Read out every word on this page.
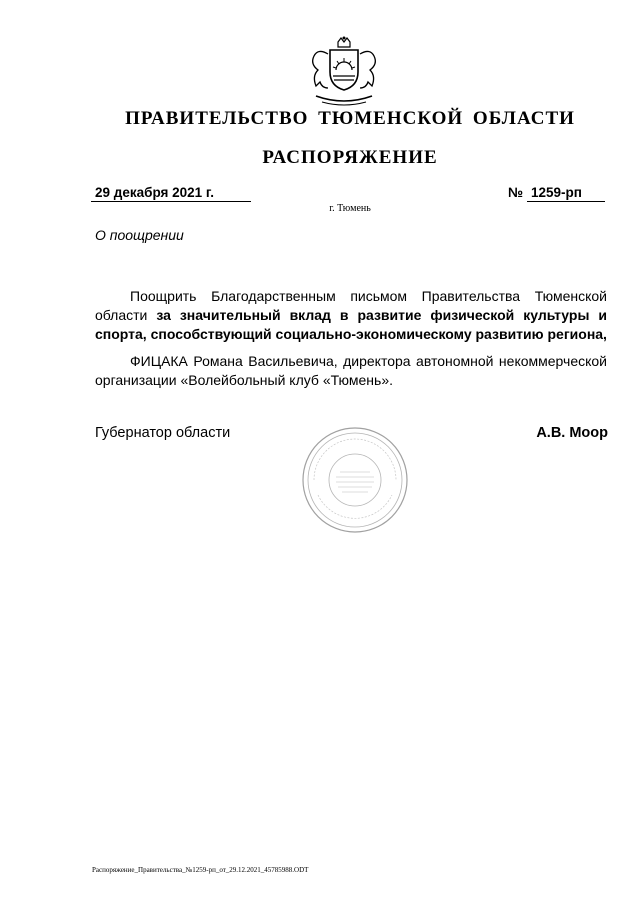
ПРАВИТЕЛЬСТВО ТЮМЕНСКОЙ ОБЛАСТИ
РАСПОРЯЖЕНИЕ
29 декабря 2021 г.	№ 1259-рп
г. Тюмень
О поощрении

Поощрить Благодарственным письмом Правительства Тюменской области за значительный вклад в развитие физической культуры и спорта, способствующий социально-экономическому развитию региона,

ФИЦАКА Романа Васильевича, директора автономной некоммерческой организации «Волейбольный клуб «Тюмень».

Губернатор области	А.В. Моор
Распоряжение_Правительства_№1259-рп_от_29.12.2021_45785988.ODT
